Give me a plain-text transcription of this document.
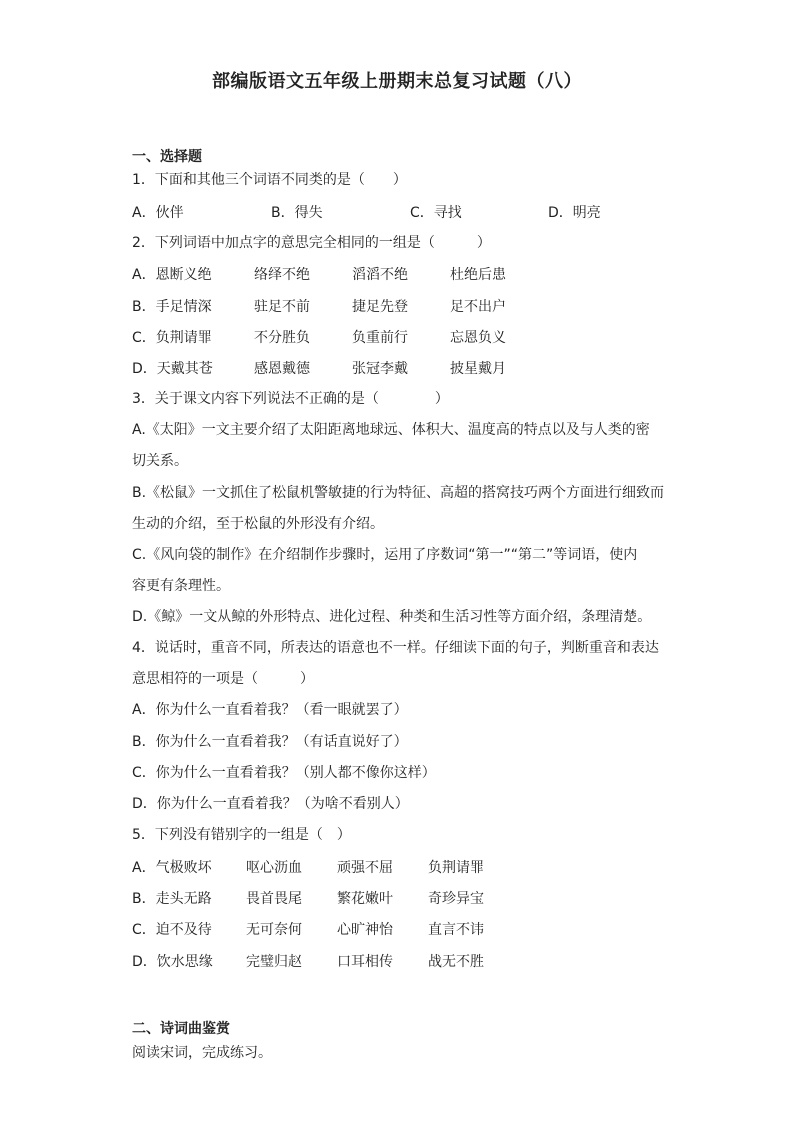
部编版语文五年级上册期末总复习试题（八）
一、选择题
1．下面和其他三个词语不同类的是（　　）
A．伙伴	B．得失	C．寻找	D．明亮
2．下列词语中加点字的意思完全相同的一组是（　　　）
A．恩断义绝	络绎不绝	滔滔不绝	杜绝后患
B．手足情深	驻足不前	捷足先登	足不出户
C．负荆请罪	不分胜负	负重前行	忘恩负义
D．天戴其苍	感恩戴德	张冠李戴	披星戴月
3．关于课文内容下列说法不正确的是（　　　　）
A.《太阳》一文主要介绍了太阳距离地球远、体积大、温度高的特点以及与人类的密
切关系。
B.《松鼠》一文抓住了松鼠机警敏捷的行为特征、高超的搭窝技巧两个方面进行细致而
生动的介绍，至于松鼠的外形没有介绍。
C.《风向袋的制作》在介绍制作步骤时，运用了序数词“第一”“第二”等词语，使内
容更有条理性。
D.《鲸》一文从鲸的外形特点、进化过程、种类和生活习性等方面介绍，条理清楚。
4．说话时，重音不同，所表达的语意也不一样。仔细读下面的句子，判断重音和表达
意思相符的一项是（　　　）
A．你为什么一直看着我？（看一眼就罢了）
B．你为什么一直看着我？（有话直说好了）
C．你为什么一直看着我？（别人都不像你这样）
D．你为什么一直看着我？（为啥不看别人）
5．下列没有错别字的一组是（　）
A．气极败坏 呕心沥血	顽强不屈	负荆请罪
B．走头无路 畏首畏尾	繁花嫩叶	奇珍异宝
C．迫不及待 无可奈何	心旷神怡	直言不讳
D．饮水思缘 完璧归赵	口耳相传	战无不胜
二、诗词曲鉴赏
阅读宋词，完成练习。
